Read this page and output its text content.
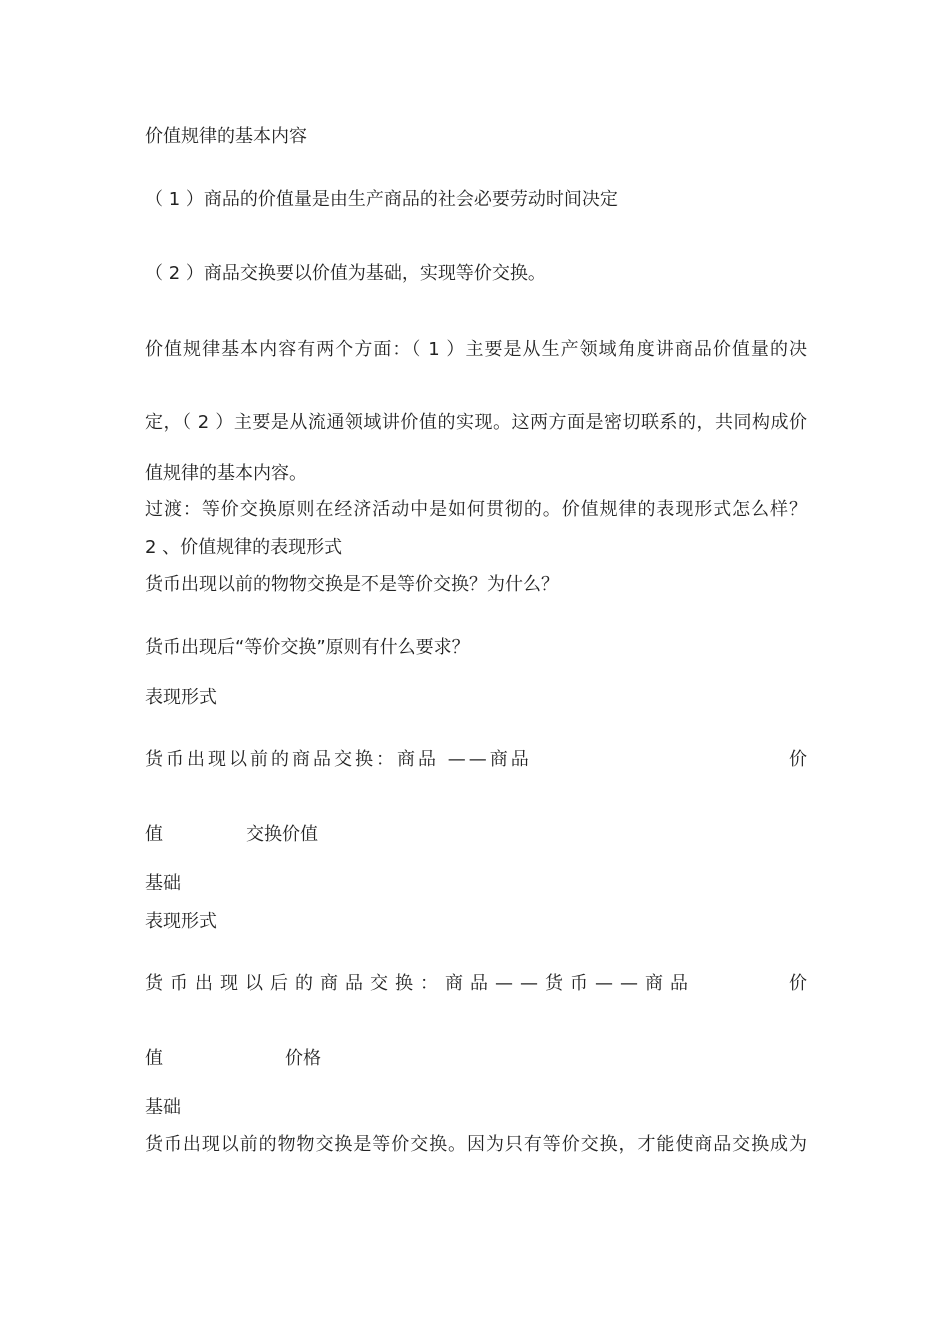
价值规律的基本内容
（ 1 ）商品的价值量是由生产商品的社会必要劳动时间决定
（ 2 ）商品交换要以价值为基础，实现等价交换。
价值规律基本内容有两个方面：（ 1 ）主要是从生产领域角度讲商品价值量的决
定，（ 2 ）主要是从流通领域讲价值的实现。这两方面是密切联系的，共同构成价
值规律的基本内容。
过渡：等价交换原则在经济活动中是如何贯彻的。价值规律的表现形式怎么样？
2 、价值规律的表现形式
货币出现以前的物物交换是不是等价交换？为什么？
货币出现后“等价交换”原则有什么要求？
表现形式
货币出现以前的商品交换：商品 ——商品	价
值	交换价值
基础
表现形式
货币出现以后的商品交换：商品——货币——商品	价
值	价格
基础
货币出现以前的物物交换是等价交换。因为只有等价交换，才能使商品交换成为
